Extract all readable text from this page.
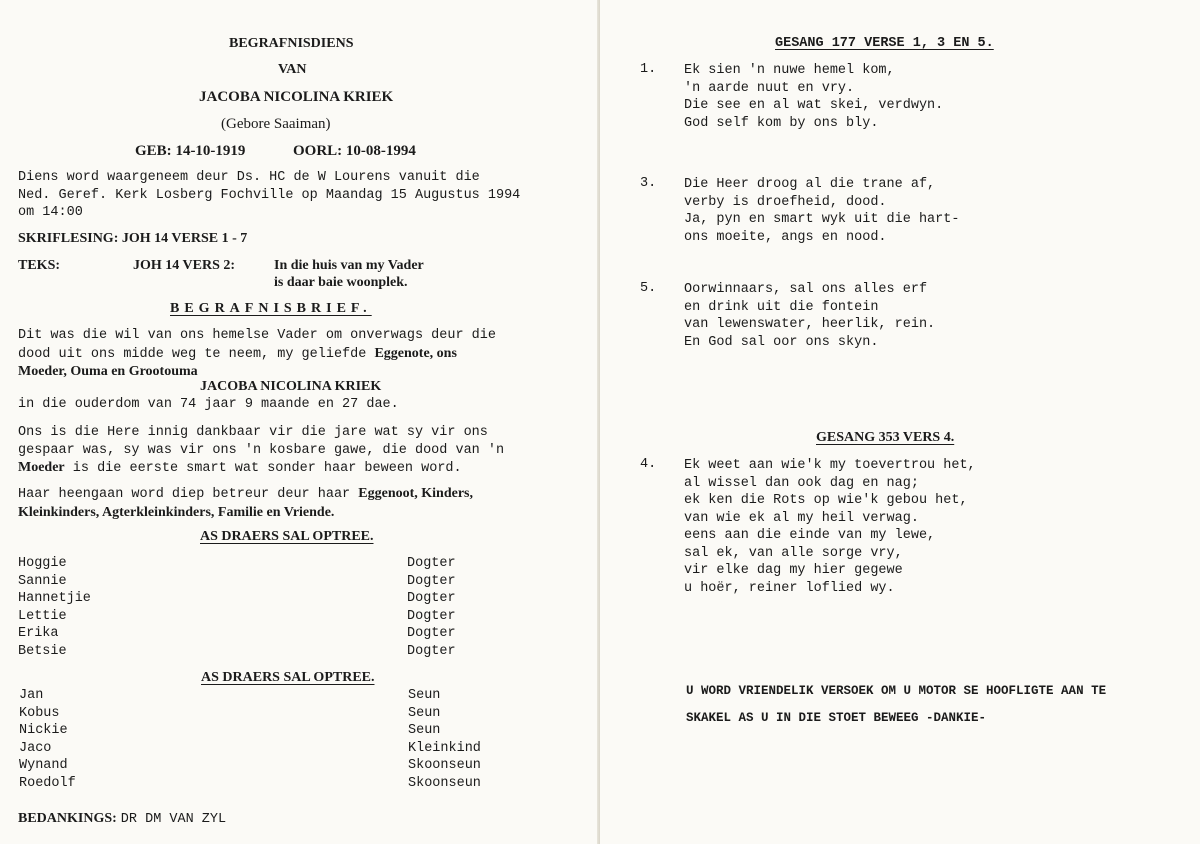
BEGRAFNISDIENS
VAN
JACOBA NICOLINA KRIEK
(Gebore Saaiman)
GEB: 14-10-1919	OORL: 10-08-1994

Diens word waargeneem deur Ds. HC de W Lourens vanuit die

Ned. Geref. Kerk Losberg Fochville op Maandag 15 Augustus 1994

om 14:00

SKRIFLESING: JOH 14 VERSE 1 - 7
TEKS:	JOH 14 VERS 2:	In die huis van my Vader
is daar baie woonplek.
BEGRAFNISBRIEF.

Dit was die wil van ons hemelse Vader om onverwags deur die

dood uit ons midde weg te neem, my geliefde Eggenote, ons

Moeder, Ouma en Grootouma

JACOBA NICOLINA KRIEK
in die ouderdom van 74 jaar 9 maande en 27 dae.

Ons is die Here innig dankbaar vir die jare wat sy vir ons

gespaar was, sy was vir ons 'n kosbare gawe, die dood van 'n

Moeder is die eerste smart wat sonder haar beween word.

Haar heengaan word diep betreur deur haar Eggenoot, Kinders,

Kleinkinders, Agterkleinkinders, Familie en Vriende.

AS DRAERS SAL OPTREE.
Hoggie	Dogter
Sannie	Dogter
Hannetjie	Dogter
Lettie	Dogter
Erika	Dogter
Betsie	Dogter
AS DRAERS SAL OPTREE.
Jan	Seun
Kobus	Seun
Nickie	Seun
Jaco	Kleinkind
Wynand	Skoonseun
Roedolf	Skoonseun
BEDANKINGS: DR DM VAN ZYL
GESANG 177 VERSE 1, 3 EN 5.
1. Ek sien 'n nuwe hemel kom,

'n aarde nuut en vry.

Die see en al wat skei, verdwyn.

God self kom by ons bly.

3. Die Heer droog al die trane af,

verby is droefheid, dood.

Ja, pyn en smart wyk uit die hart-

ons moeite, angs en nood.

5. Oorwinnaars, sal ons alles erf

en drink uit die fontein

van lewenswater, heerlik, rein.

En God sal oor ons skyn.

GESANG 353 VERS 4.
4. Ek weet aan wie'k my toevertrou het,

al wissel dan ook dag en nag;

ek ken die Rots op wie'k gebou het,

van wie ek al my heil verwag.

eens aan die einde van my lewe,

sal ek, van alle sorge vry,

vir elke dag my hier gegewe

u hoër, reiner loflied wy.

U WORD VRIENDELIK VERSOEK OM U MOTOR SE HOOFLIGTE AAN TE
SKAKEL AS U IN DIE STOET BEWEEG -DANKIE-
